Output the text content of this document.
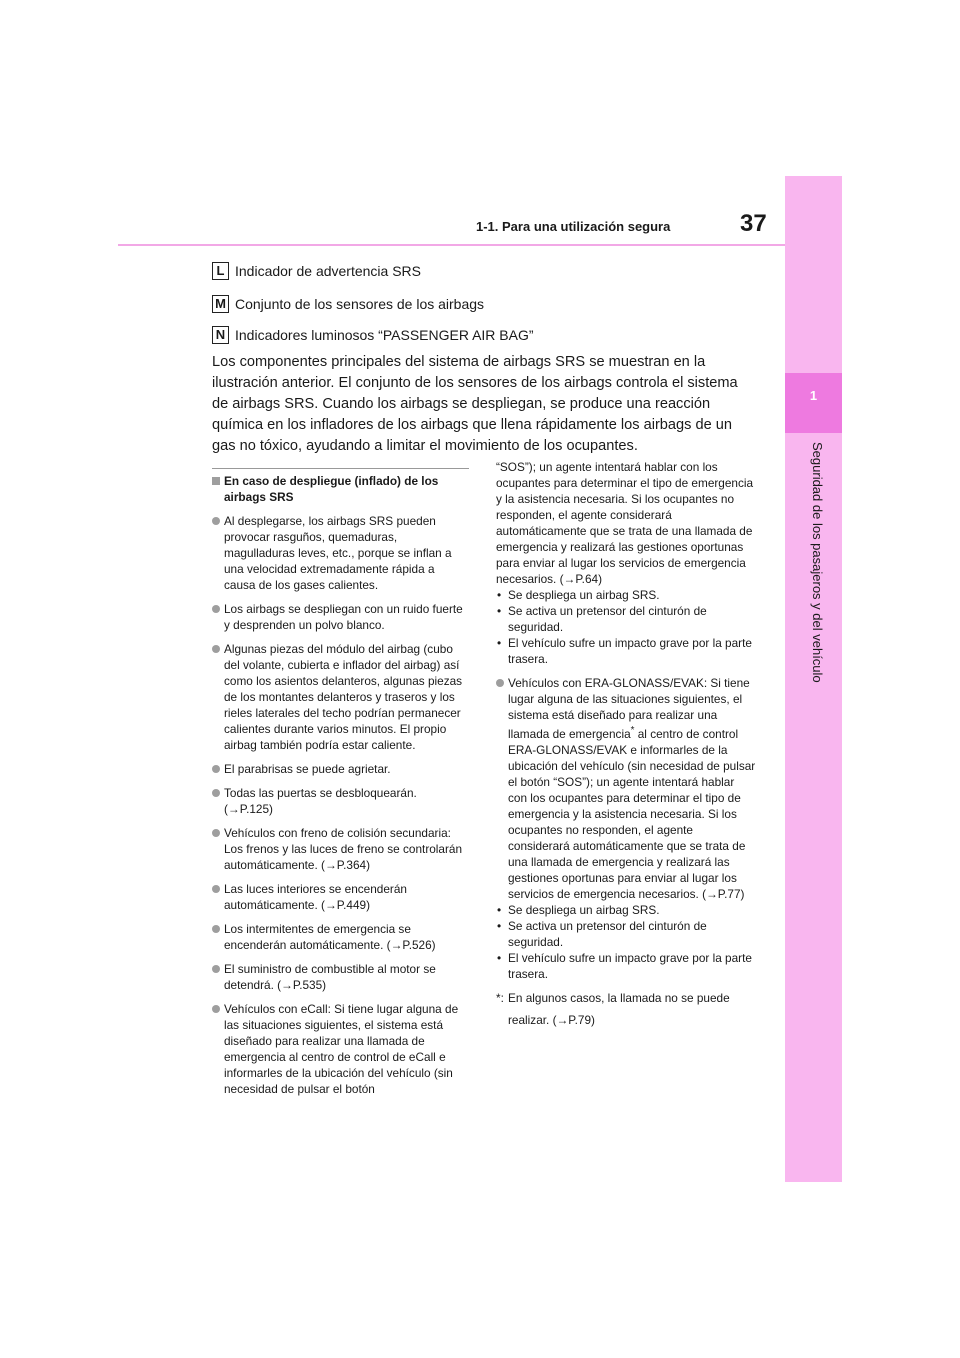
1
Seguridad de los pasajeros y del vehículo
1-1. Para una utilización segura	37
L Indicador de advertencia SRS
M Conjunto de los sensores de los airbags
N Indicadores luminosos “PASSENGER AIR BAG”

Los componentes principales del sistema de airbags SRS se muestran en la ilustración anterior. El conjunto de los sensores de los airbags controla el sistema de airbags SRS. Cuando los airbags se despliegan, se produce una reacción química en los infladores de los airbags que llena rápidamente los airbags de un gas no tóxico, ayudando a limitar el movimiento de los ocupantes.

En caso de despliegue (inflado) de los airbags SRS
Al desplegarse, los airbags SRS pueden provocar rasguños, quemaduras, magulladuras leves, etc., porque se inflan a una velocidad extremadamente rápida a causa de los gases calientes.
Los airbags se despliegan con un ruido fuerte y desprenden un polvo blanco.
Algunas piezas del módulo del airbag (cubo del volante, cubierta e inflador del airbag) así como los asientos delanteros, algunas piezas de los montantes delanteros y traseros y los rieles laterales del techo podrían permanecer calientes durante varios minutos. El propio airbag también podría estar caliente.
El parabrisas se puede agrietar.
Todas las puertas se desbloquearán. (→P.125)
Vehículos con freno de colisión secundaria: Los frenos y las luces de freno se controlarán automáticamente. (→P.364)
Las luces interiores se encenderán automáticamente. (→P.449)
Los intermitentes de emergencia se encenderán automáticamente. (→P.526)
El suministro de combustible al motor se detendrá. (→P.535)
Vehículos con eCall: Si tiene lugar alguna de las situaciones siguientes, el sistema está diseñado para realizar una llamada de emergencia al centro de control de eCall e informarles de la ubicación del vehículo (sin necesidad de pulsar el botón
“SOS”); un agente intentará hablar con los ocupantes para determinar el tipo de emergencia y la asistencia necesaria. Si los ocupantes no responden, el agente considerará automáticamente que se trata de una llamada de emergencia y realizará las gestiones oportunas para enviar al lugar los servicios de emergencia necesarios. (→P.64)
• Se despliega un airbag SRS.
• Se activa un pretensor del cinturón de seguridad.
• El vehículo sufre un impacto grave por la parte trasera.
Vehículos con ERA-GLONASS/EVAK: Si tiene lugar alguna de las situaciones siguientes, el sistema está diseñado para realizar una llamada de emergencia* al centro de control ERA-GLONASS/EVAK e informarles de la ubicación del vehículo (sin necesidad de pulsar el botón “SOS”); un agente intentará hablar con los ocupantes para determinar el tipo de emergencia y la asistencia necesaria. Si los ocupantes no responden, el agente considerará automáticamente que se trata de una llamada de emergencia y realizará las gestiones oportunas para enviar al lugar los servicios de emergencia necesarios. (→P.77)
• Se despliega un airbag SRS.
• Se activa un pretensor del cinturón de seguridad.
• El vehículo sufre un impacto grave por la parte trasera.
*: En algunos casos, la llamada no se puede
realizar. (→P.79)
